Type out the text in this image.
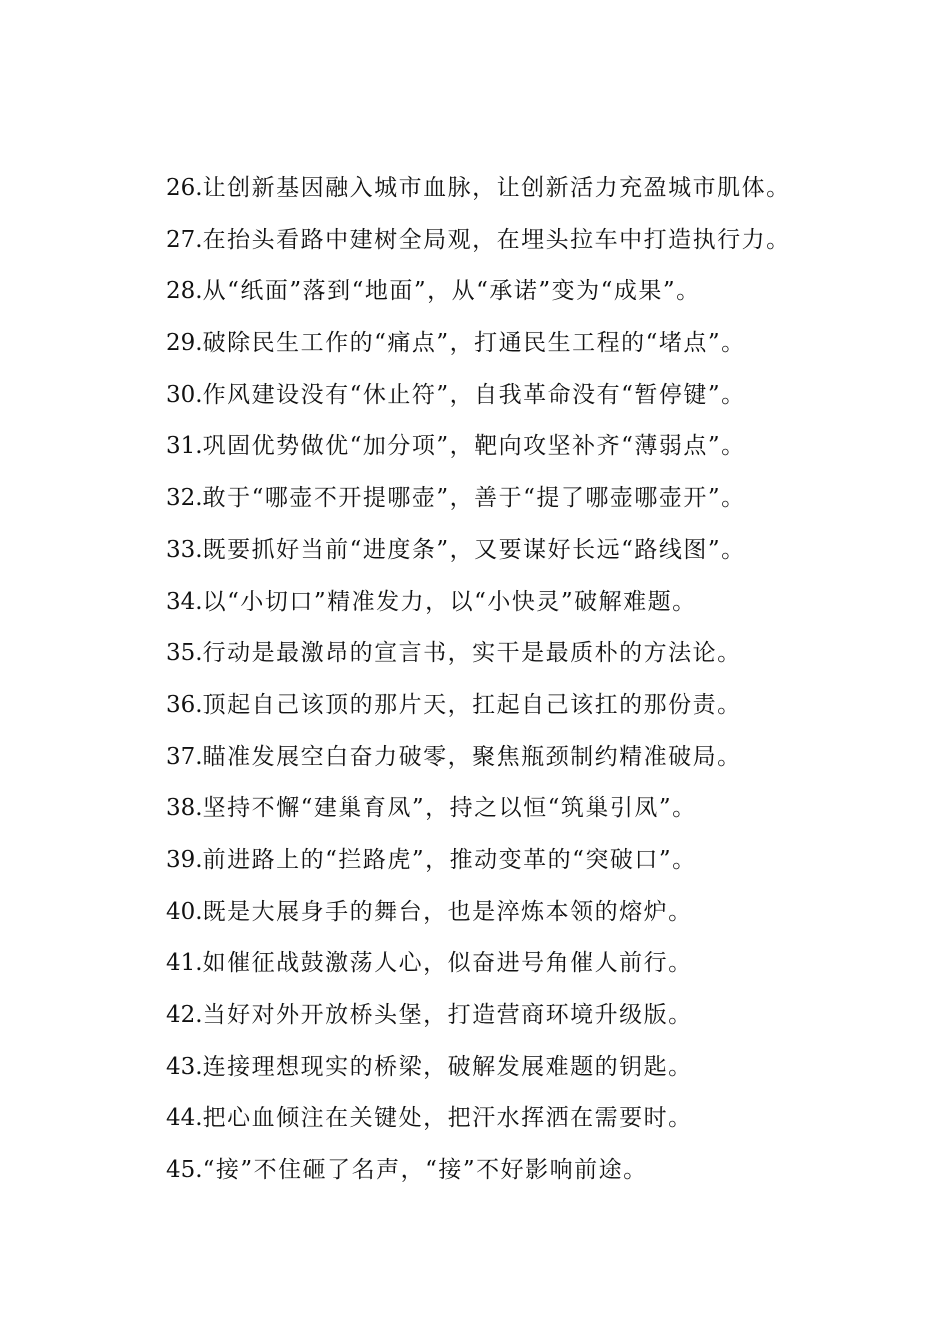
26.让创新基因融入城市血脉，让创新活力充盈城市肌体。
27.在抬头看路中建树全局观，在埋头拉车中打造执行力。
28.从“纸面”落到“地面”，从“承诺”变为“成果”。
29.破除民生工作的“痛点”，打通民生工程的“堵点”。
30.作风建设没有“休止符”，自我革命没有“暂停键”。
31.巩固优势做优“加分项”，靶向攻坚补齐“薄弱点”。
32.敢于“哪壶不开提哪壶”，善于“提了哪壶哪壶开”。
33.既要抓好当前“进度条”，又要谋好长远“路线图”。
34.以“小切口”精准发力，以“小快灵”破解难题。
35.行动是最激昂的宣言书，实干是最质朴的方法论。
36.顶起自己该顶的那片天，扛起自己该扛的那份责。
37.瞄准发展空白奋力破零，聚焦瓶颈制约精准破局。
38.坚持不懈“建巢育凤”，持之以恒“筑巢引凤”。
39.前进路上的“拦路虎”，推动变革的“突破口”。
40.既是大展身手的舞台，也是淬炼本领的熔炉。
41.如催征战鼓激荡人心，似奋进号角催人前行。
42.当好对外开放桥头堡，打造营商环境升级版。
43.连接理想现实的桥梁，破解发展难题的钥匙。
44.把心血倾注在关键处，把汗水挥洒在需要时。
45.“接”不住砸了名声，“接”不好影响前途。
